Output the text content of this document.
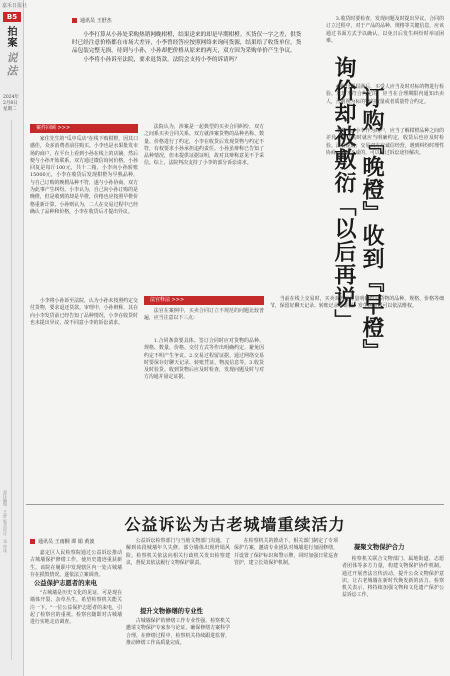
嘉禾日报社
B5
拍案
说法
2024年 2月8日 星期二
责任编辑：王舒 版式设计：邓 审读：
通讯员 王舒杰

小李打算从小孙处采购热销网晚柑橙，结果送来的却是早期柑橙。买货仅一字之差，供货时已经注意价格都在市场大差异，小李曾经答应按照网络来询问货源，结果给了收货单位，货品包装完整无损，待到与小孙，小孙却把价格从原来的两天，双方因为采购单价产生争议。

小李将小孙诉至法院，要求退货款。法院会支持小李的诉请吗？	询价却被敷衍「以后再说」 订购『晚橙』收到『早橙』
案件回顾 >>>
家住先生的"瓜中瓜店"在线下购柑橙，因其口感佳，众多消费者前往购买。小李也是水果批发市场的商户，在平台上看到小孙在线上的店铺，然后便与小孙开始联系，双方通过微信询问价格，小孙回复是每斤100元，共十二箱，小李向小孙转账15000元，小李在收货后发现柑橙为早熟品种，与自己订购的晚橙品种不符，遂与小孙协商，双方为此事产生纠纷。小李认为，自己向小孙订购的是晚橙，但是收到的却是早橙，价格也应按照早橙价格重新计算，小孙则认为，二人在交易过程中已经确认了品种和价格，小李在收货后才提出异议。
小李将小孙诉至法院，认为小孙未按照约定交付货物，要求退还货款。审理中，小孙辩称，其在向小李发货前已经告知了品种情况，小李在收货时也未提出异议，故不同意小李的诉讼请求。
法院认为，涉案是一起典型的买卖合同纠纷，双方之间系买卖合同关系。双方就涉案货物的品种名称、数量、价格进行了约定，小李在收货后发现货物与约定不符，有权要求小孙承担违约责任。小孙虽辩称已告知了品种情况，但未提供证据证明，故对其辩称意见不予采信。综上，法院判决支持了小李的部分诉讼请求。
法官释法 >>>
法官在案例中，买卖合同订立不规范的问题比较普遍，应当注意以下三点：
1.合同条款要具体。签订合同时应对货物的品种、规格、数量、价格、交付方式等作出明确约定，避免因约定不明产生争议。2.交易过程留证据。通过网络交易时要保存好聊天记录、转账凭证、物流信息等。3.收货及时验货。收到货物后应及时检查，发现问题及时与对方沟通并固定证据。
3.收货时要检查，发现问题及时提出异议。合同的订立过程中，对于产品的品种、规格等关键信息，应该通过书面方式予以确认，以免日后发生纠纷时举证困难。
4.履行期届满后，买受人应当及时对标的物进行检验，发现不符合约定的，应当在合理期限内通知出卖人，否则视为标的物的数量或者质量符合约定。
本案中，小李作为商户，应当了解柑橙品种之间的差异，在订购时就应当明确约定，收货后也应及时检验。法官提醒，交易双方应诚信经营，遇到纠纷时理性协商，协商不成的，可以通过诉讼途径解决。
当前在线上交易时，买卖双方应尽量明确约定货物的品种、规格、价格等细节，保留好聊天记录、转账记录等证据，发生纠纷时可以依法维权。
公益诉讼为古老城墙重续活力
通讯员 王雨桐 谭 娟 黄波
嘉定区人民检察院通过公益诉讼推动古城墙保护修缮工作，使历史遗迹重获新生。该院在履职中发现辖区内一处古城墙存在损毁情况，遂依法立案调查。
公益保护志愿者的来电
"古城墙是历史文化的见证，可是现在墙体开裂、杂草丛生，希望检察机关能关注一下。"一位公益保护志愿者的来电，引起了检察官的重视。检察官随即对古城墙进行实地走访调查。
公益诉讼检察部门与当地文物部门沟通，了解到该段城墙年久失修，部分墙体出现坍塌风险。检察机关依法向相关行政机关发出检察建议，督促其依法履行文物保护职责。
提升文物修缮的专业性
古城墙保护的修缮工作专业性强，检察机关邀请文物保护专家参与论证，确保修缮方案科学合理。在修缮过程中，检察机关持续跟进监督，推动修缮工作高质量完成。
在检察机关的推动下，相关部门制定了专项保护方案，邀请专业团队对城墙进行加固修缮，并设置了保护标识和警示牌，同时加强日常巡查管护，建立长效保护机制。
凝聚文物保护合力
检察机关联合文物部门、属地街道、志愿者团体等多方力量，构建文物保护协作机制。通过开展普法宣传活动，提升公众文物保护意识，让古老城墙在新时代焕发新的活力。检察机关表示，将持续加强文物和文化遗产保护公益诉讼工作。
